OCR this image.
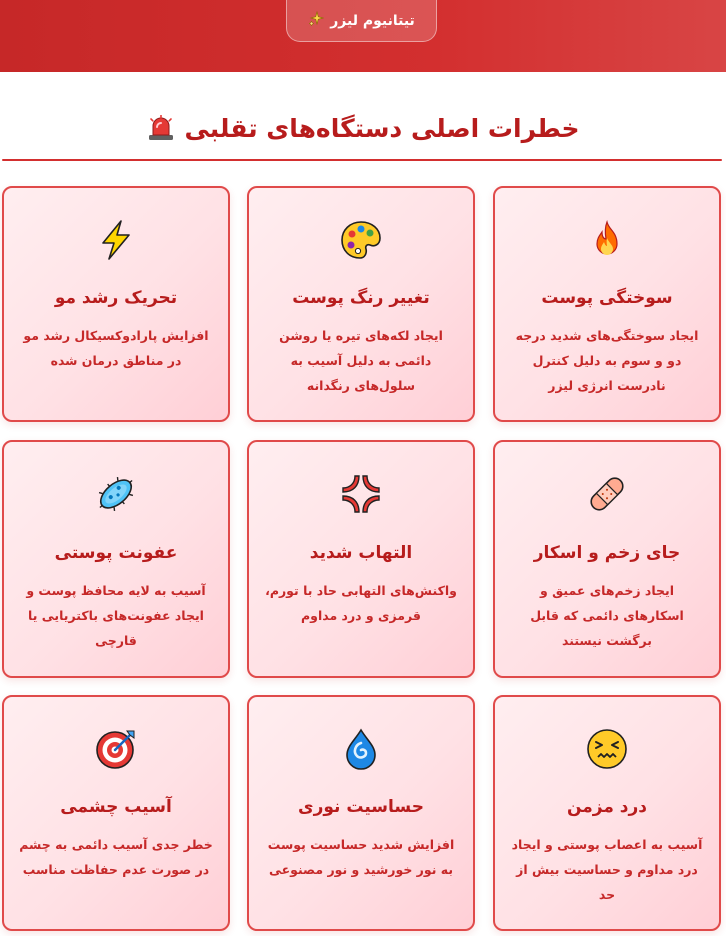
تیتانیوم لیزر
خطرات اصلی دستگاه‌های تقلبی
سوختگی پوست
ایجاد سوختگی‌های شدید درجه دو و سوم به دلیل کنترل نادرست انرژی لیزر
تغییر رنگ پوست
ایجاد لکه‌های تیره یا روشن دائمی به دلیل آسیب به سلول‌های رنگدانه
تحریک رشد مو
افزایش پارادوکسیکال رشد مو در مناطق درمان شده
جای زخم و اسکار
ایجاد زخم‌های عمیق و اسکارهای دائمی که قابل برگشت نیستند
التهاب شدید
واکنش‌های التهابی حاد با تورم، قرمزی و درد مداوم
عفونت پوستی
آسیب به لایه محافظ پوست و ایجاد عفونت‌های باکتریایی یا قارچی
درد مزمن
آسیب به اعصاب پوستی و ایجاد درد مداوم و حساسیت بیش از حد
حساسیت نوری
افزایش شدید حساسیت پوست به نور خورشید و نور مصنوعی
آسیب چشمی
خطر جدی آسیب دائمی به چشم در صورت عدم حفاظت مناسب
